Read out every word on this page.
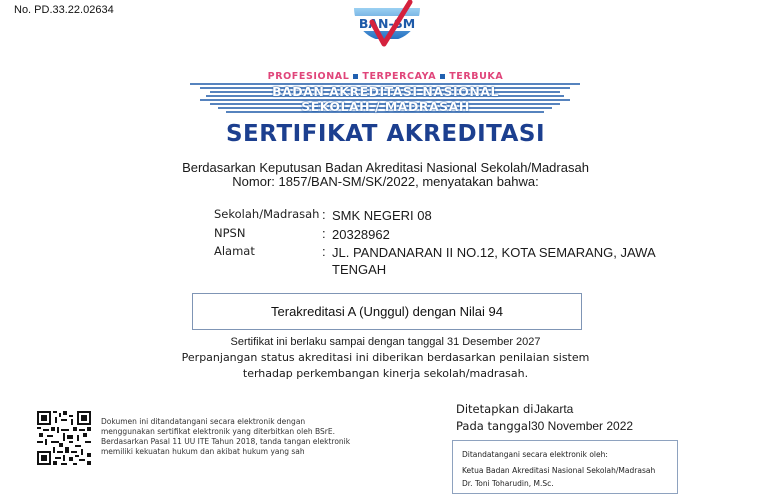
No. PD.33.22.02634
BAN-SM
PROFESIONAL TERPERCAYA TERBUKA
BADAN AKREDITASI NASIONAL
SEKOLAH / MADRASAH
SERTIFIKAT AKREDITASI
Berdasarkan Keputusan Badan Akreditasi Nasional Sekolah/Madrasah
Nomor: 1857/BAN-SM/SK/2022, menyatakan bahwa:
Sekolah/Madrasah : SMK NEGERI 08
NPSN	: 20328962
Alamat	: JL. PANDANARAN II NO.12, KOTA SEMARANG, JAWA TENGAH
Terakreditasi A (Unggul) dengan Nilai 94
Sertifikat ini berlaku sampai dengan tanggal 31 Desember 2027
Perpanjangan status akreditasi ini diberikan berdasarkan penilaian sistem
terhadap perkembangan kinerja sekolah/madrasah.
Dokumen ini ditandatangani secara elektronik dengan menggunakan sertifikat elektronik yang diterbitkan oleh BSrE. Berdasarkan Pasal 11 UU ITE Tahun 2018, tanda tangan elektronik memiliki kekuatan hukum dan akibat hukum yang sah
Ditetapkan di Jakarta
Pada tanggal 30 November 2022
Ditandatangani secara elektronik oleh:
Ketua Badan Akreditasi Nasional Sekolah/Madrasah
Dr. Toni Toharudin, M.Sc.
